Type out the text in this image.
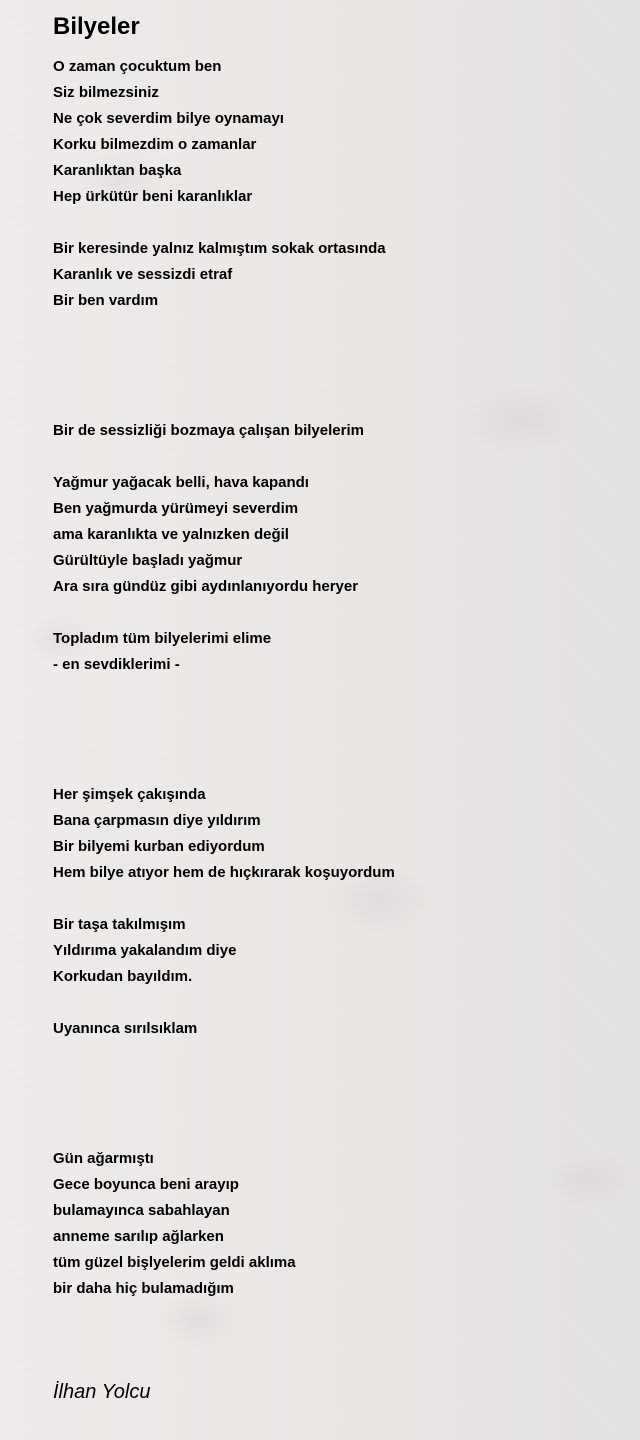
Bilyeler
O zaman çocuktum ben
Siz bilmezsiniz
Ne çok severdim bilye oynamayı
Korku bilmezdim o zamanlar
Karanlıktan başka
Hep ürkütür beni karanlıklar
Bir keresinde yalnız kalmıştım sokak ortasında
Karanlık ve sessizdi etraf
Bir ben vardım
Bir de sessizliği bozmaya çalışan bilyelerim
Yağmur yağacak belli, hava kapandı
Ben yağmurda yürümeyi severdim
ama karanlıkta ve yalnızken değil
Gürültüyle başladı yağmur
Ara sıra gündüz gibi aydınlanıyordu heryer
Topladım tüm bilyelerimi elime
- en sevdiklerimi -
Her şimşek çakışında
Bana çarpmasın diye yıldırım
Bir bilyemi kurban ediyordum
Hem bilye atıyor hem de hıçkırarak koşuyordum
Bir taşa takılmışım
Yıldırıma yakalandım diye
Korkudan bayıldım.
Uyanınca sırılsıklam
Gün ağarmıştı
Gece boyunca beni arayıp
bulamayınca sabahlayan
anneme sarılıp ağlarken
tüm güzel bişlyelerim geldi aklıma
bir daha hiç bulamadığım
İlhan Yolcu
